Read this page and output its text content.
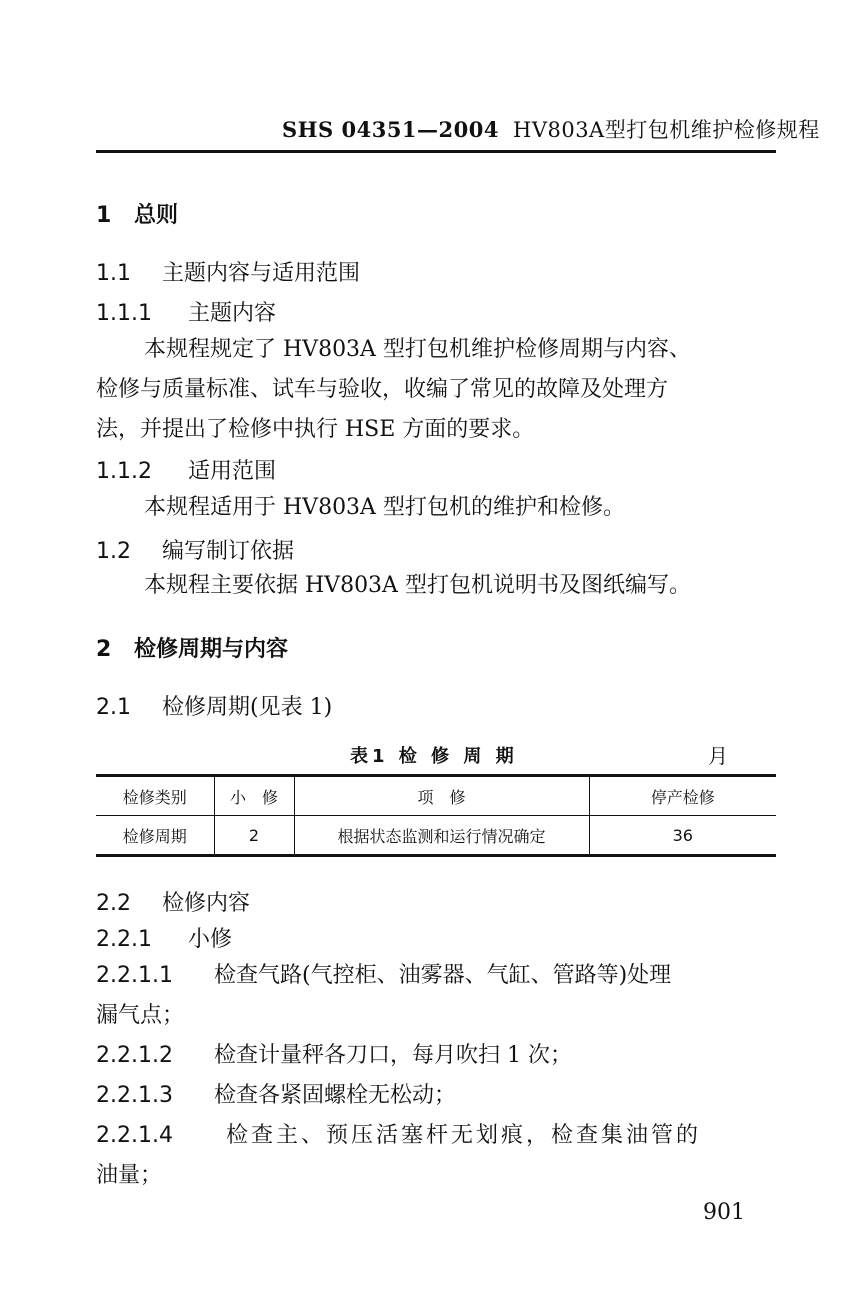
SHS 04351—2004 HV803A型打包机维护检修规程
1 总则
1.1 主题内容与适用范围
1.1.1 主题内容
本规程规定了 HV803A 型打包机维护检修周期与内容、
检修与质量标准、试车与验收，收编了常见的故障及处理方
法，并提出了检修中执行 HSE 方面的要求。
1.1.2 适用范围
本规程适用于 HV803A 型打包机的维护和检修。
1.2 编写制订依据
本规程主要依据 HV803A 型打包机说明书及图纸编写。
2 检修周期与内容
2.1 检修周期(见表 1)
表1 检 修 周 期	月
检修类别	小　修	项　修	停产检修
检修周期	2	根据状态监测和运行情况确定	36
2.2 检修内容
2.2.1 小修
2.2.1.1 检查气路(气控柜、油雾器、气缸、管路等)处理
漏气点；
2.2.1.2 检查计量秤各刀口，每月吹扫 1 次；
2.2.1.3 检查各紧固螺栓无松动；
2.2.1.4 检查主、预压活塞杆无划痕，检查集油管的
油量；
901
